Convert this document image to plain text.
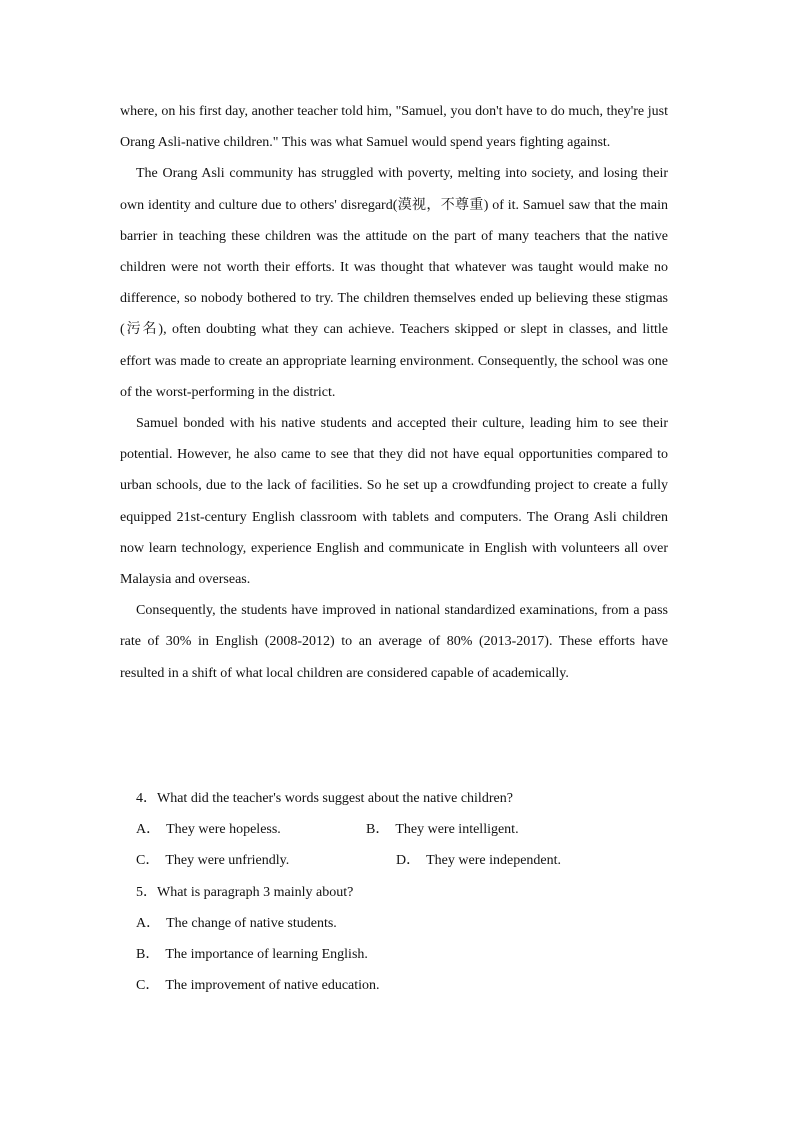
where, on his first day, another teacher told him, "Samuel, you don't have to do much, they're just Orang Asli-native children." This was what Samuel would spend years fighting against.

The Orang Asli community has struggled with poverty, melting into society, and losing their own identity and culture due to others' disregard(漠视，不尊重) of it. Samuel saw that the main barrier in teaching these children was the attitude on the part of many teachers that the native children were not worth their efforts. It was thought that whatever was taught would make no difference, so nobody bothered to try. The children themselves ended up believing these stigmas (污名), often doubting what they can achieve. Teachers skipped or slept in classes, and little effort was made to create an appropriate learning environment. Consequently, the school was one of the worst-performing in the district.

Samuel bonded with his native students and accepted their culture, leading him to see their potential. However, he also came to see that they did not have equal opportunities compared to urban schools, due to the lack of facilities. So he set up a crowdfunding project to create a fully equipped 21st-century English classroom with tablets and computers. The Orang Asli children now learn technology, experience English and communicate in English with volunteers all over Malaysia and overseas.

Consequently, the students have improved in national standardized examinations, from a pass rate of 30% in English (2008-2012) to an average of 80% (2013-2017). These efforts have resulted in a shift of what local children are considered capable of academically.

4．What did the teacher's words suggest about the native children?

A． They were hopeless.	B． They were intelligent.
C． They were unfriendly.	D． They were independent.

5．What is paragraph 3 mainly about?

A． The change of native students.

B． The importance of learning English.

C． The improvement of native education.
